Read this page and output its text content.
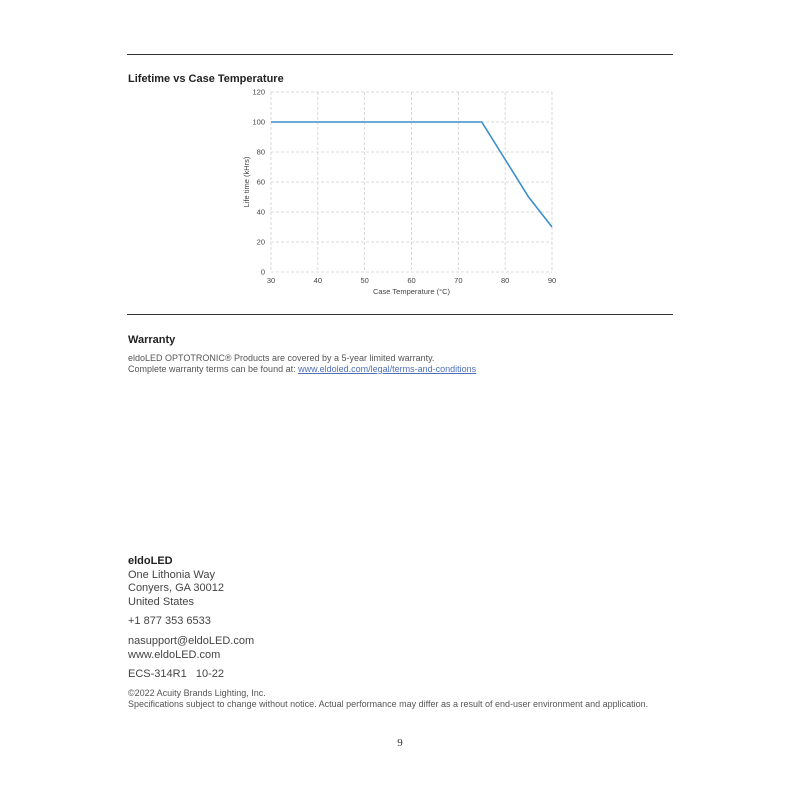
Lifetime vs Case Temperature
30	40	50	60	70	80	90
0
20
40
60
80
100
120
Case Temperature (°C)
Life time (kHrs)
Warranty
eldoLED OPTOTRONIC® Products are covered by a 5-year limited warranty.
Complete warranty terms can be found at: www.eldoled.com/legal/terms-and-conditions
eldoLED
One Lithonia Way
Conyers, GA 30012
United States
+1 877 353 6533
nasupport@eldoLED.com
www.eldoLED.com
ECS-314R1   10-22
©2022 Acuity Brands Lighting, Inc.
Specifications subject to change without notice. Actual performance may differ as a result of end-user environment and application.
9
